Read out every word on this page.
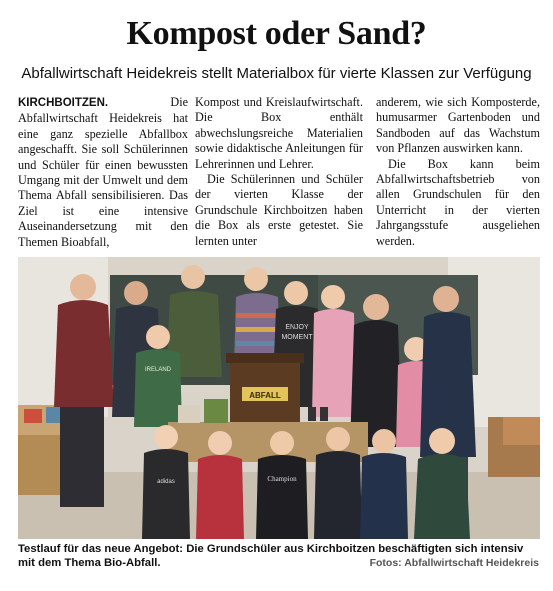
Kompost oder Sand?
Abfallwirtschaft Heidekreis stellt Materialbox für vierte Klassen zur Verfügung
KIRCHBOITZEN.	Die Abfallwirtschaft Heidekreis hat eine ganz spezielle Abfallbox angeschafft. Sie soll Schülerinnen und Schüler für einen bewussten Umgang mit der Umwelt und dem Thema Abfall sensibilisieren. Das Ziel ist eine intensive Auseinandersetzung mit den Themen Bioabfall,
Kompost und Kreislaufwirtschaft. Die Box enthält abwechslungsreiche Materialien sowie didaktische Anleitungen für Lehrerinnen und Lehrer.
Die Schülerinnen und Schüler der vierten Klasse der Grundschule Kirchboitzen haben die Box als erste getestet. Sie lernten unter
anderem, wie sich Komposterde, humusarmer Gartenboden und Sandboden auf das Wachstum von Pflanzen auswirken kann.
Die Box kann beim Abfallwirtschaftsbetrieb von allen Grundschulen für den Unterricht in der vierten Jahrgangsstufe ausgeliehen werden.
ENJOY
MOMENT
ABFALL
IRELAND
adidas	Champion
Testlauf für das neue Angebot: Die Grundschüler aus Kirchboitzen beschäftigten sich intensiv mit dem Thema Bio-Abfall.	Fotos: Abfallwirtschaft Heidekreis
